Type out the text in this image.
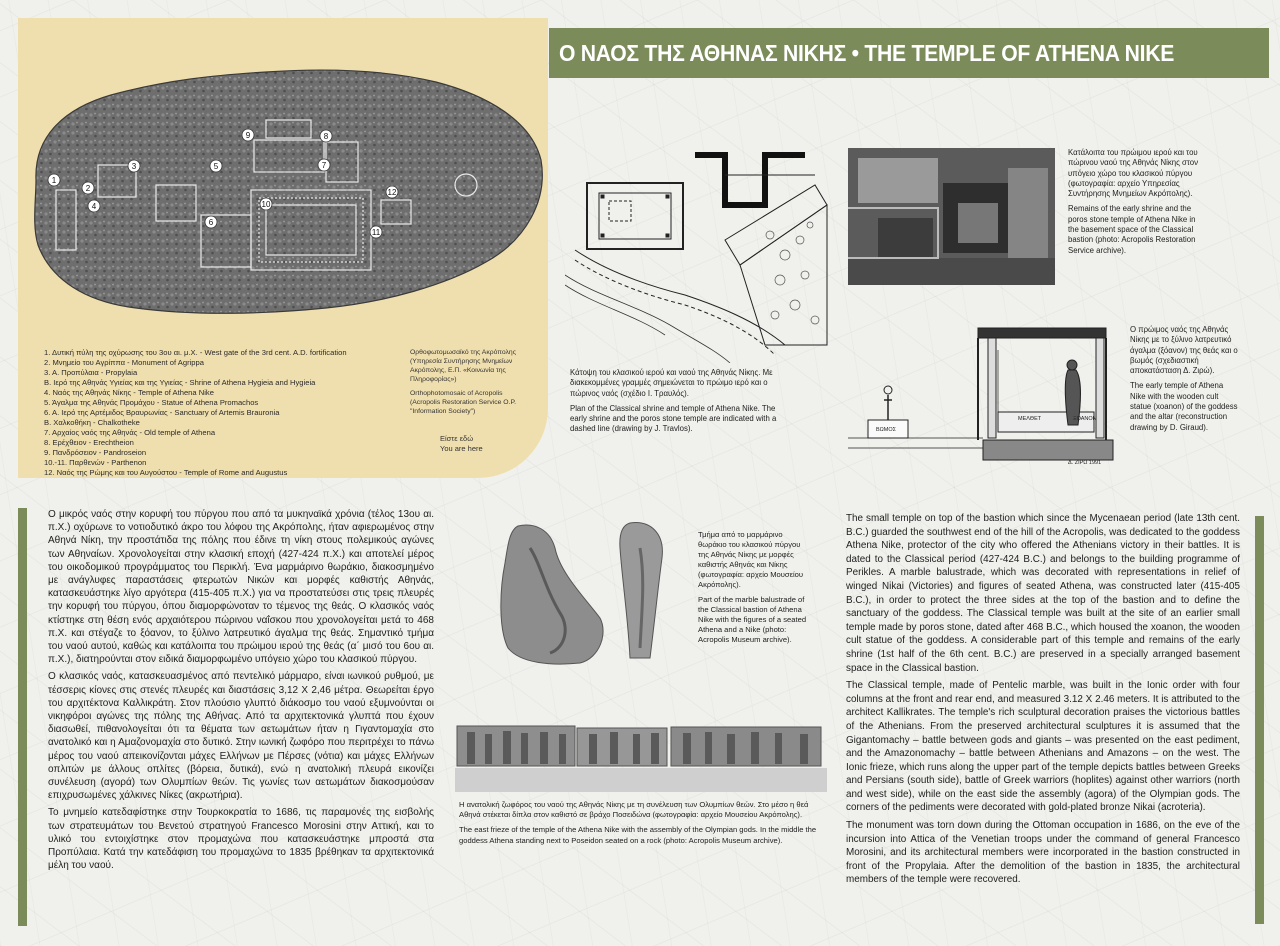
1
2
3
4
5
6
7
8
9
10
11
12
1. Δυτική πύλη της οχύρωσης του 3ου αι. μ.Χ. - West gate of the 3rd cent. A.D. fortification
2. Μνημείο του Αγρίππα - Monument of Agrippa
3. Α. Προπύλαια - Propylaia
Β. Ιερό της Αθηνάς Υγιείας και της Υγιείας - Shrine of Athena Hygieia and Hygieia
4. Ναός της Αθηνάς Νίκης - Temple of Athena Nike
5. Άγαλμα της Αθηνάς Προμάχου - Statue of Athena Promachos
6. Α. Ιερό της Αρτέμιδος Βραυρωνίας - Sanctuary of Artemis Brauronia
Β. Χαλκοθήκη - Chalkotheke
7. Αρχαίος ναός της Αθηνάς - Old temple of Athena
8. Ερέχθειον - Erechtheion
9. Πανδρόσειον - Pandroseion
10.-11. Παρθενών - Parthenon
12. Ναός της Ρώμης και του Αυγούστου - Temple of Rome and Augustus

Ορθοφωτομωσαϊκό της Ακρόπολης (Υπηρεσία Συντήρησης Μνημείων Ακρόπολης, Ε.Π. «Κοινωνία της Πληροφορίας»)

Orthophotomosaic of Acropolis (Acropolis Restoration Service O.P. "Information Society")

Είστε εδώ
You are here
Ο ΝΑΟΣ ΤΗΣ ΑΘΗΝΑΣ ΝΙΚΗΣ • THE TEMPLE OF ATHENA NIKE
Κάτοψη του κλασικού ιερού και ναού της Αθηνάς Νίκης. Με διακεκομμένες γραμμές σημειώνεται το πρώιμο ιερό και ο πώρινος ναός (σχέδιο Ι. Τραυλός).
Plan of the Classical shrine and temple of Athena Nike. The early shrine and the poros stone temple are indicated with a dashed line (drawing by J. Travlos).
Κατάλοιπα του πρώιμου ιερού και του πώρινου ναού της Αθηνάς Νίκης στον υπόγειο χώρο του κλασικού πύργου (φωτογραφία: αρχείο Υπηρεσίας Συντήρησης Μνημείων Ακρόπολης).
Remains of the early shrine and the poros stone temple of Athena Nike in the basement space of the Classical bastion (photo: Acropolis Restoration Service archive).
ΒΩΜΟΣ
ΞΟΑΝΟΝ
ΜΕΛΘΕΤ
Δ. ΖΙΡΩ 1991
Ο πρώιμος ναός της Αθηνάς Νίκης με το ξύλινο λατρευτικό άγαλμα (ξόανον) της θεάς και ο βωμός (σχεδιαστική αποκατάσταση Δ. Ζιρώ).
The early temple of Athena Nike with the wooden cult statue (xoanon) of the goddess and the altar (reconstruction drawing by D. Giraud).

Ο μικρός ναός στην κορυφή του πύργου που από τα μυκηναϊκά χρόνια (τέλος 13ου αι. π.Χ.) οχύρωνε το νοτιοδυτικό άκρο του λόφου της Ακρόπολης, ήταν αφιερωμένος στην Αθηνά Νίκη, την προστάτιδα της πόλης που έδινε τη νίκη στους πολεμικούς αγώνες των Αθηναίων. Χρονολογείται στην κλασική εποχή (427-424 π.Χ.) και αποτελεί μέρος του οικοδομικού προγράμματος του Περικλή. Ένα μαρμάρινο θωράκιο, διακοσμημένο με ανάγλυφες παραστάσεις φτερωτών Νικών και μορφές καθιστής Αθηνάς, κατασκευάστηκε λίγο αργότερα (415-405 π.Χ.) για να προστατεύσει στις τρεις πλευρές την κορυφή του πύργου, όπου διαμορφώνοταν το τέμενος της θεάς. Ο κλασικός ναός κτίστηκε στη θέση ενός αρχαιότερου πώρινου ναΐσκου που χρονολογείται μετά το 468 π.Χ. και στέγαζε το ξόανον, το ξύλινο λατρευτικό άγαλμα της θεάς. Σημαντικό τμήμα του ναού αυτού, καθώς και κατάλοιπα του πρώιμου ιερού της θεάς (α΄ μισό του 6ου αι. π.Χ.), διατηρούνται στον ειδικά διαμορφωμένο υπόγειο χώρο του κλασικού πύργου.

Ο κλασικός ναός, κατασκευασμένος από πεντελικό μάρμαρο, είναι ιωνικού ρυθμού, με τέσσερις κίονες στις στενές πλευρές και διαστάσεις 3,12 Χ 2,46 μέτρα. Θεωρείται έργο του αρχιτέκτονα Καλλικράτη. Στον πλούσιο γλυπτό διάκοσμο του ναού εξυμνούνται οι νικηφόροι αγώνες της πόλης της Αθήνας. Από τα αρχιτεκτονικά γλυπτά που έχουν διασωθεί, πιθανολογείται ότι τα θέματα των αετωμάτων ήταν η Γιγαντομαχία στο ανατολικό και η Αμαζονομαχία στο δυτικό. Στην ιωνική ζωφόρο που περιτρέχει το πάνω μέρος του ναού απεικονίζονται μάχες Ελλήνων με Πέρσες (νότια) και μάχες Ελλήνων οπλιτών με άλλους οπλίτες (βόρεια, δυτικά), ενώ η ανατολική πλευρά εικονίζει συνέλευση (αγορά) των Ολυμπίων θεών. Τις γωνίες των αετωμάτων διακοσμούσαν επιχρυσωμένες χάλκινες Νίκες (ακρωτήρια).

Το μνημείο κατεδαφίστηκε στην Τουρκοκρατία το 1686, τις παραμονές της εισβολής των στρατευμάτων του Βενετού στρατηγού Francesco Morosini στην Αττική, και το υλικό του εντοιχίστηκε στον προμαχώνα που κατασκευάστηκε μπροστά στα Προπύλαια. Κατά την κατεδάφιση του προμαχώνα το 1835 βρέθηκαν τα αρχιτεκτονικά μέλη του ναού.

Τμήμα από το μαρμάρινο θωράκιο του κλασικού πύργου της Αθηνάς Νίκης με μορφές καθιστής Αθηνάς και Νίκης (φωτογραφία: αρχείο Μουσείου Ακρόπολης).
Part of the marble balustrade of the Classical bastion of Athena Nike with the figures of a seated Athena and a Nike (photo: Acropolis Museum archive).
Η ανατολική ζωφόρος του ναού της Αθηνάς Νίκης με τη συνέλευση των Ολυμπίων θεών. Στο μέσο η θεά Αθηνά στέκεται δίπλα στον καθιστό σε βράχο Ποσειδώνα (φωτογραφία: αρχείο Μουσείου Ακρόπολης).
The east frieze of the temple of the Athena Nike with the assembly of the Olympian gods. In the middle the goddess Athena standing next to Poseidon seated on a rock (photo: Acropolis Museum archive).

The small temple on top of the bastion which since the Mycenaean period (late 13th cent. B.C.) guarded the southwest end of the hill of the Acropolis, was dedicated to the goddess Athena Nike, protector of the city who offered the Athenians victory in their battles. It is dated to the Classical period (427-424 B.C.) and belongs to the building programme of Perikles. A marble balustrade, which was decorated with representations in relief of winged Nikai (Victories) and figures of seated Athena, was constructed later (415-405 B.C.), in order to protect the three sides at the top of the bastion and to define the sanctuary of the goddess. The Classical temple was built at the site of an earlier small temple made by poros stone, dated after 468 B.C., which housed the xoanon, the wooden cult statue of the goddess. A considerable part of this temple and remains of the early shrine (1st half of the 6th cent. B.C.) are preserved in a specially arranged basement space in the Classical bastion.

The Classical temple, made of Pentelic marble, was built in the Ionic order with four columns at the front and rear end, and measured 3.12 X 2.46 meters. It is attributed to the architect Kallikrates. The temple's rich sculptural decoration praises the victorious battles of the Athenians. From the preserved architectural sculptures it is assumed that the Gigantomachy – battle between gods and giants – was presented on the east pediment, and the Amazonomachy – battle between Athenians and Amazons – on the west. The Ionic frieze, which runs along the upper part of the temple depicts battles between Greeks and Persians (south side), battle of Greek warriors (hoplites) against other warriors (north and west side), while on the east side the assembly (agora) of the Olympian gods. The corners of the pediments were decorated with gold-plated bronze Nikai (acroteria).

The monument was torn down during the Ottoman occupation in 1686, on the eve of the incursion into Attica of the Venetian troops under the command of general Francesco Morosini, and its architectural members were incorporated in the bastion constructed in front of the Propylaia. After the demolition of the bastion in 1835, the architectural members of the temple were recovered.
